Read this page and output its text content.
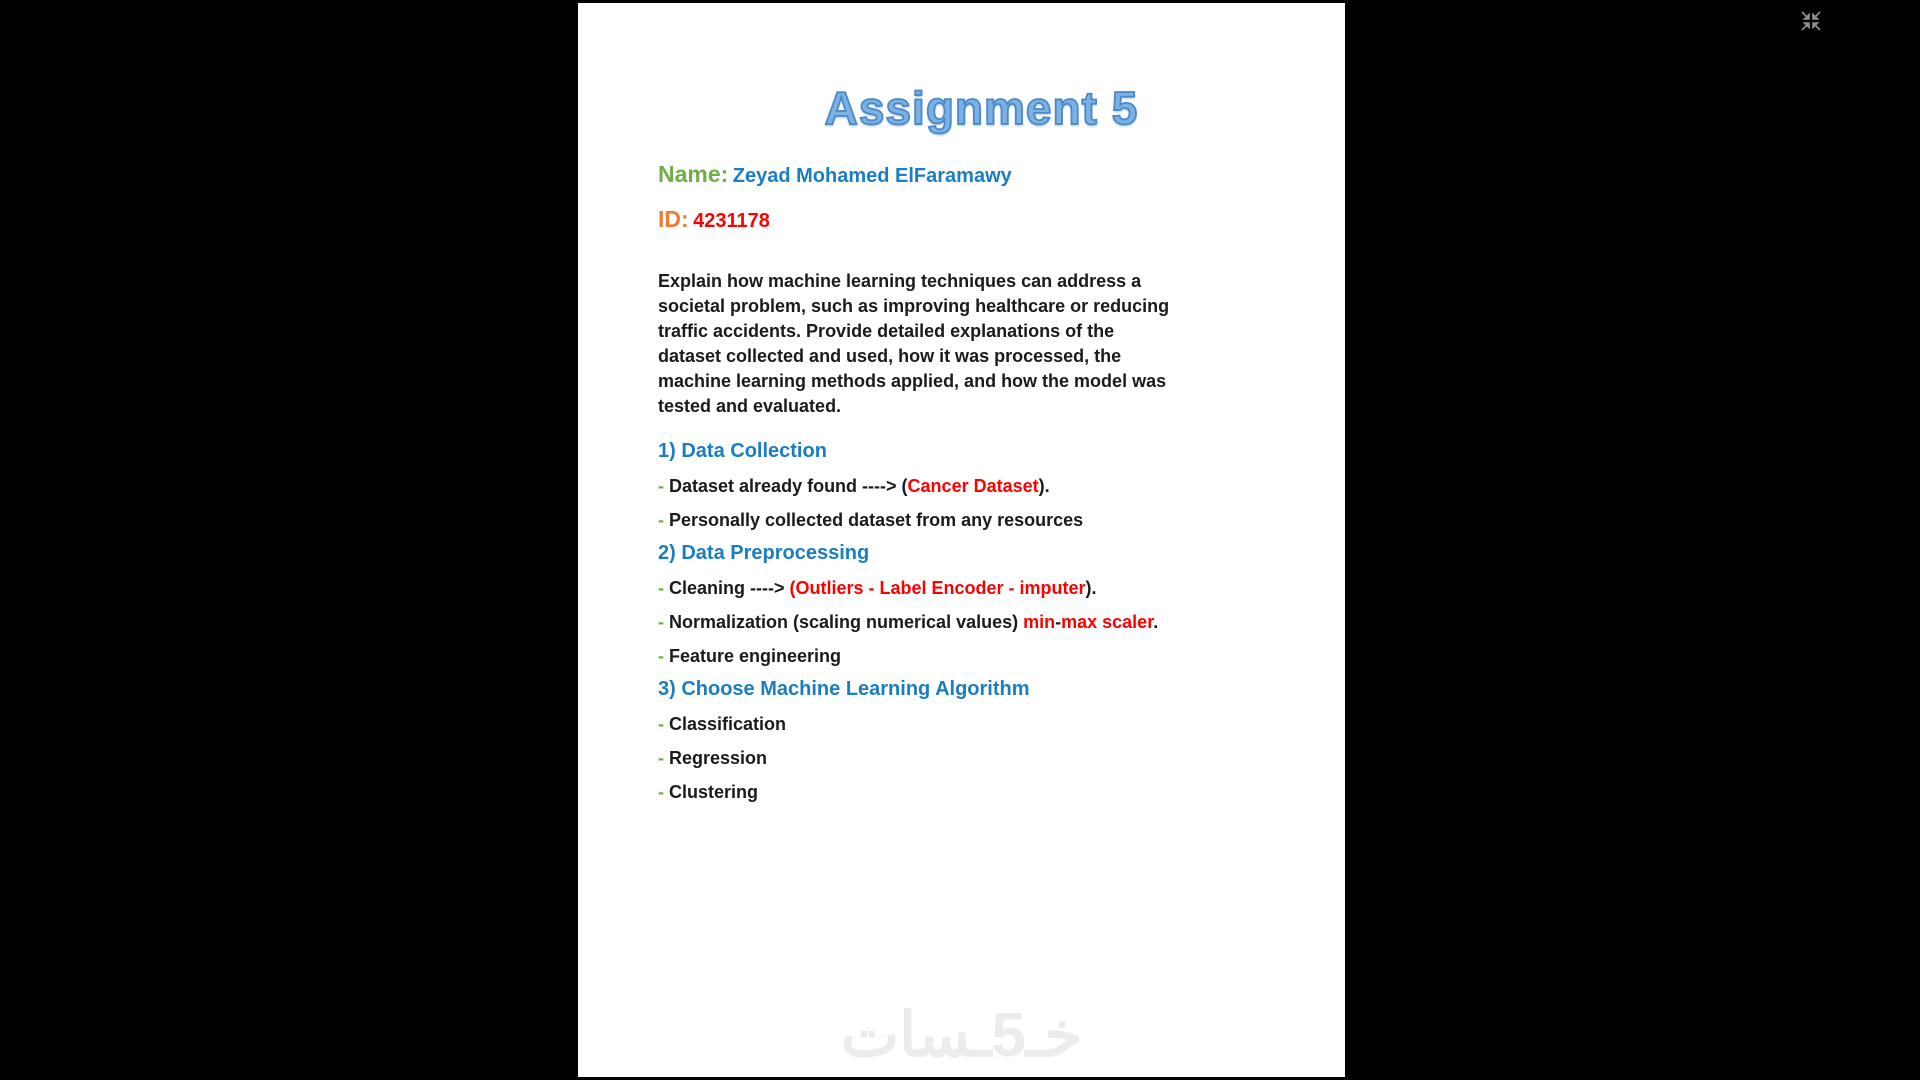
Assignment 5
Name: Zeyad Mohamed ElFaramawy
ID: 4231178
Explain how machine learning techniques can address a
societal problem, such as improving healthcare or reducing
traffic accidents. Provide detailed explanations of the
dataset collected and used, how it was processed, the
machine learning methods applied, and how the model was
tested and evaluated.
1) Data Collection
- Dataset already found ----> (Cancer Dataset).
- Personally collected dataset from any resources
2) Data Preprocessing
- Cleaning ----> (Outliers - Label Encoder - imputer).
- Normalization (scaling numerical values) min-max scaler.
- Feature engineering
3) Choose Machine Learning Algorithm
- Classification
- Regression
- Clustering
خـ5ـسات
